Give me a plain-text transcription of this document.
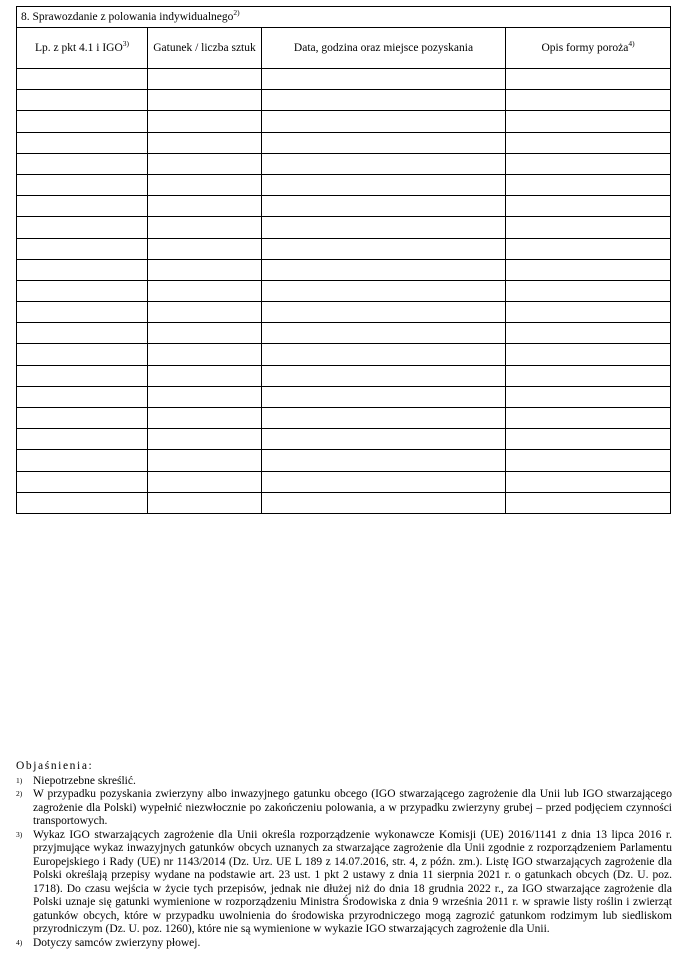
8. Sprawozdanie z polowania indywidualnego$^{2)}$
Lp. z pkt 4.1 i IGO$^{3)}$	Gatunek / liczba sztuk	Data, godzina oraz miejsce pozyskania	Opis formy poroża$^{4)}$

Objaśnienia:
1) Niepotrzebne skreślić.
2) W przypadku pozyskania zwierzyny albo inwazyjnego gatunku obcego (IGO stwarzającego zagrożenie dla Unii lub IGO stwarzającego zagrożenie dla Polski) wypełnić niezwłocznie po zakończeniu polowania, a w przypadku zwierzyny grubej – przed podjęciem czynności transportowych.
3) Wykaz IGO stwarzających zagrożenie dla Unii określa rozporządzenie wykonawcze Komisji (UE) 2016/1141 z dnia 13 lipca 2016 r. przyjmujące wykaz inwazyjnych gatunków obcych uznanych za stwarzające zagrożenie dla Unii zgodnie z rozporządzeniem Parlamentu Europejskiego i Rady (UE) nr 1143/2014 (Dz. Urz. UE L 189 z 14.07.2016, str. 4, z późn. zm.). Listę IGO stwarzających zagrożenie dla Polski określają przepisy wydane na podstawie art. 23 ust. 1 pkt 2 ustawy z dnia 11 sierpnia 2021 r. o gatunkach obcych (Dz. U. poz. 1718). Do czasu wejścia w życie tych przepisów, jednak nie dłużej niż do dnia 18 grudnia 2022 r., za IGO stwarzające zagrożenie dla Polski uznaje się gatunki wymienione w rozporządzeniu Ministra Środowiska z dnia 9 września 2011 r. w sprawie listy roślin i zwierząt gatunków obcych, które w przypadku uwolnienia do środowiska przyrodniczego mogą zagrozić gatunkom rodzimym lub siedliskom przyrodniczym (Dz. U. poz. 1260), które nie są wymienione w wykazie IGO stwarzających zagrożenie dla Unii.
4) Dotyczy samców zwierzyny płowej.
